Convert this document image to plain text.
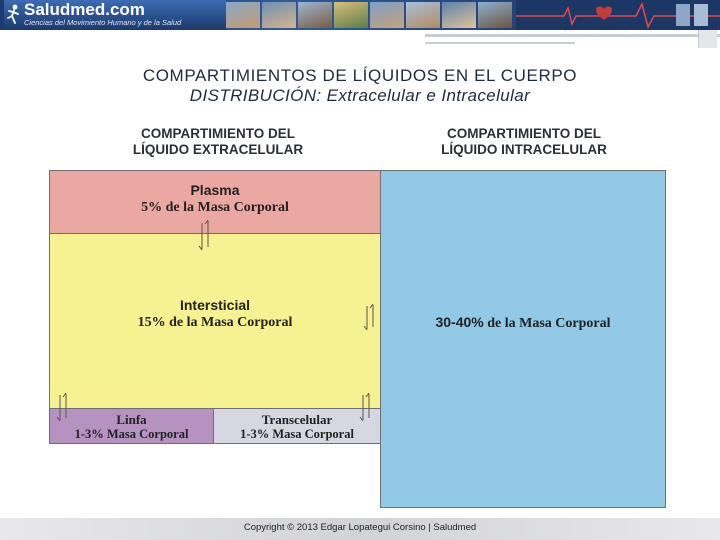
Saludmed.com
Ciencias del Movimiento Humano y de la Salud
COMPARTIMIENTOS DE LÍQUIDOS EN EL CUERPO
DISTRIBUCIÓN: Extracelular e Intracelular
COMPARTIMIENTO DEL
LÍQUIDO EXTRACELULAR
COMPARTIMIENTO DEL
LÍQUIDO INTRACELULAR
Plasma
5% de la Masa Corporal
Intersticial
15% de la Masa Corporal
Linfa
1-3% Masa Corporal
Transcelular
1-3% Masa Corporal
30-40% de la Masa Corporal
Copyright © 2013 Edgar Lopategui Corsino | Saludmed
